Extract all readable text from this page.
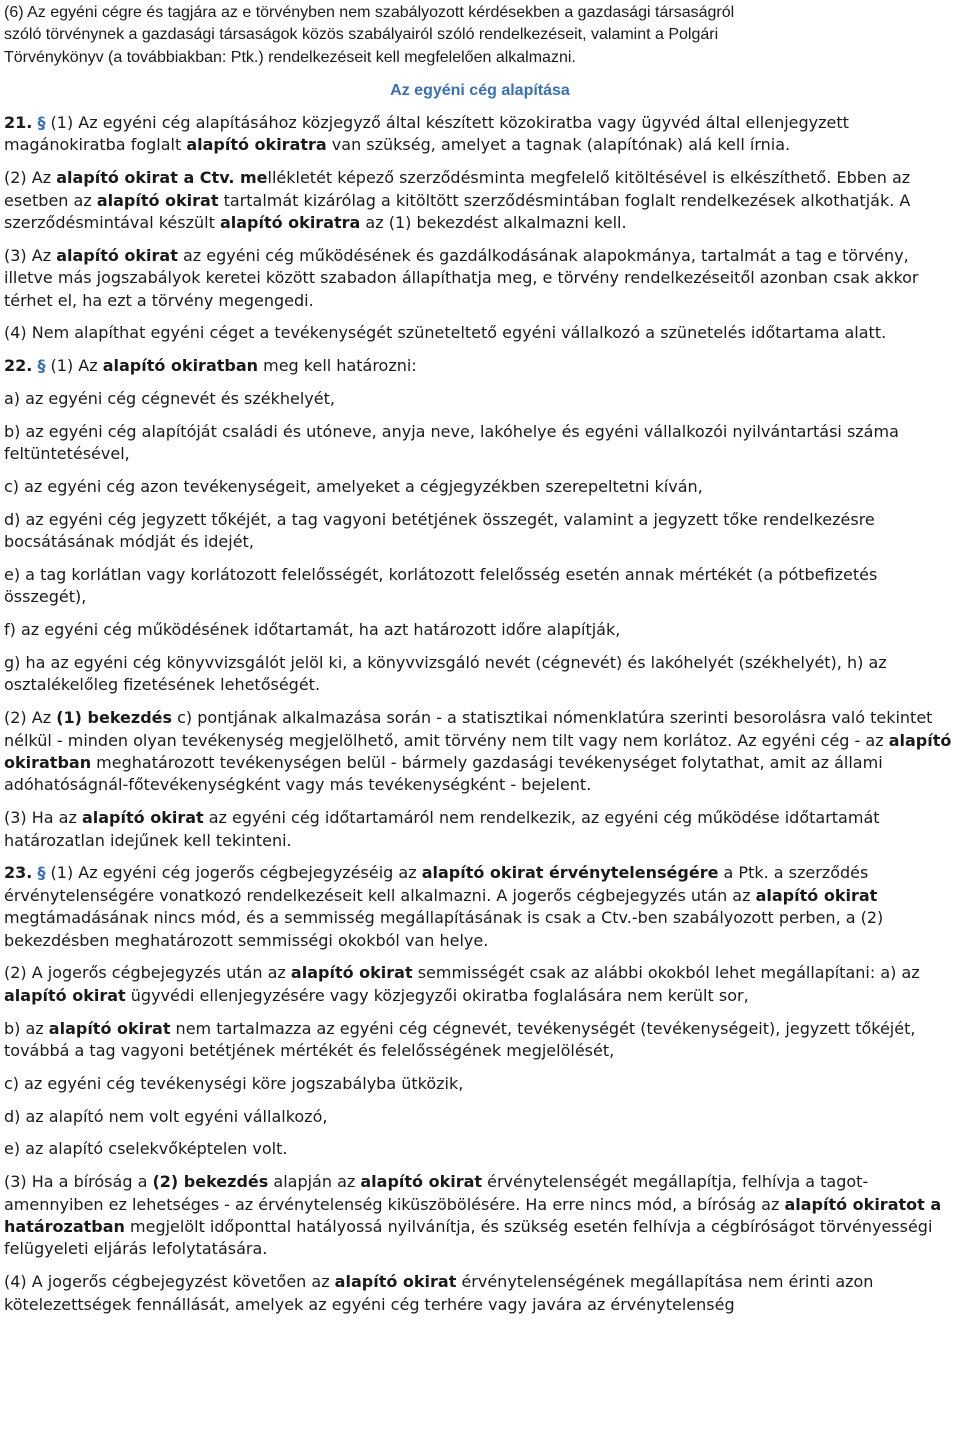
(6) Az egyéni cégre és tagjára az e törvényben nem szabályozott kérdésekben a gazdasági társaságról
szóló törvénynek a gazdasági társaságok közös szabályairól szóló rendelkezéseit, valamint a Polgári
Törvénykönyv (a továbbiakban: Ptk.) rendelkezéseit kell megfelelően alkalmazni.
Az egyéni cég alapítása
21. § (1) Az egyéni cég alapításához közjegyző által készített közokiratba vagy ügyvéd által ellenjegyzett magánokiratba foglalt alapító okiratra van szükség, amelyet a tagnak (alapítónak) alá kell írnia.
(2) Az alapító okirat a Ctv. mellékletét képező szerződésminta megfelelő kitöltésével is elkészíthető. Ebben az esetben az alapító okirat tartalmát kizárólag a kitöltött szerződésmintában foglalt rendelkezések alkothatják. A szerződésmintával készült alapító okiratra az (1) bekezdést alkalmazni kell.
(3) Az alapító okirat az egyéni cég működésének és gazdálkodásának alapokmánya, tartalmát a tag e törvény, illetve más jogszabályok keretei között szabadon állapíthatja meg, e törvény rendelkezéseitől azonban csak akkor térhet el, ha ezt a törvény megengedi.
(4) Nem alapíthat egyéni céget a tevékenységét szüneteltető egyéni vállalkozó a szünetelés időtartama alatt.
22. § (1) Az alapító okiratban meg kell határozni:
a) az egyéni cég cégnevét és székhelyét,
b) az egyéni cég alapítóját családi és utóneve, anyja neve, lakóhelye és egyéni vállalkozói nyilvántartási száma feltüntetésével,
c) az egyéni cég azon tevékenységeit, amelyeket a cégjegyzékben szerepeltetni kíván,
d) az egyéni cég jegyzett tőkéjét, a tag vagyoni betétjének összegét, valamint a jegyzett tőke rendelkezésre bocsátásának módját és idejét,
e) a tag korlátlan vagy korlátozott felelősségét, korlátozott felelősség esetén annak mértékét (a pótbefizetés összegét),
f) az egyéni cég működésének időtartamát, ha azt határozott időre alapítják,
g) ha az egyéni cég könyvvizsgálót jelöl ki, a könyvvizsgáló nevét (cégnevét) és lakóhelyét (székhelyét), h) az osztalékelőleg fizetésének lehetőségét.
(2) Az (1) bekezdés c) pontjának alkalmazása során - a statisztikai nómenklatúra szerinti besorolásra való tekintet nélkül - minden olyan tevékenység megjelölhető, amit törvény nem tilt vagy nem korlátoz. Az egyéni cég - az alapító okiratban meghatározott tevékenységen belül - bármely gazdasági tevékenységet folytathat, amit az állami adóhatóságnál-főtevékenységként vagy más tevékenységként - bejelent.
(3) Ha az alapító okirat az egyéni cég időtartamáról nem rendelkezik, az egyéni cég működése időtartamát határozatlan idejűnek kell tekinteni.
23. § (1) Az egyéni cég jogerős cégbejegyzéséig az alapító okirat érvénytelenségére a Ptk. a szerződés érvénytelenségére vonatkozó rendelkezéseit kell alkalmazni. A jogerős cégbejegyzés után az alapító okirat megtámadásának nincs mód, és a semmisség megállapításának is csak a Ctv.-ben szabályozott perben, a (2) bekezdésben meghatározott semmisségi okokból van helye.
(2) A jogerős cégbejegyzés után az alapító okirat semmisségét csak az alábbi okokból lehet megállapítani: a) az alapító okirat ügyvédi ellenjegyzésére vagy közjegyzői okiratba foglalására nem került sor,
b) az alapító okirat nem tartalmazza az egyéni cég cégnevét, tevékenységét (tevékenységeit), jegyzett tőkéjét, továbbá a tag vagyoni betétjének mértékét és felelősségének megjelölését,
c) az egyéni cég tevékenységi köre jogszabályba ütközik,
d) az alapító nem volt egyéni vállalkozó,
e) az alapító cselekvőképtelen volt.
(3) Ha a bíróság a (2) bekezdés alapján az alapító okirat érvénytelenségét megállapítja, felhívja a tagot-amennyiben ez lehetséges - az érvénytelenség kiküszöbölésére. Ha erre nincs mód, a bíróság az alapító okiratot a határozatban megjelölt időponttal hatályossá nyilvánítja, és szükség esetén felhívja a cégbíróságot törvényességi felügyeleti eljárás lefolytatására.
(4) A jogerős cégbejegyzést követően az alapító okirat érvénytelenségének megállapítása nem érinti azon kötelezettségek fennállását, amelyek az egyéni cég terhére vagy javára az érvénytelenség
